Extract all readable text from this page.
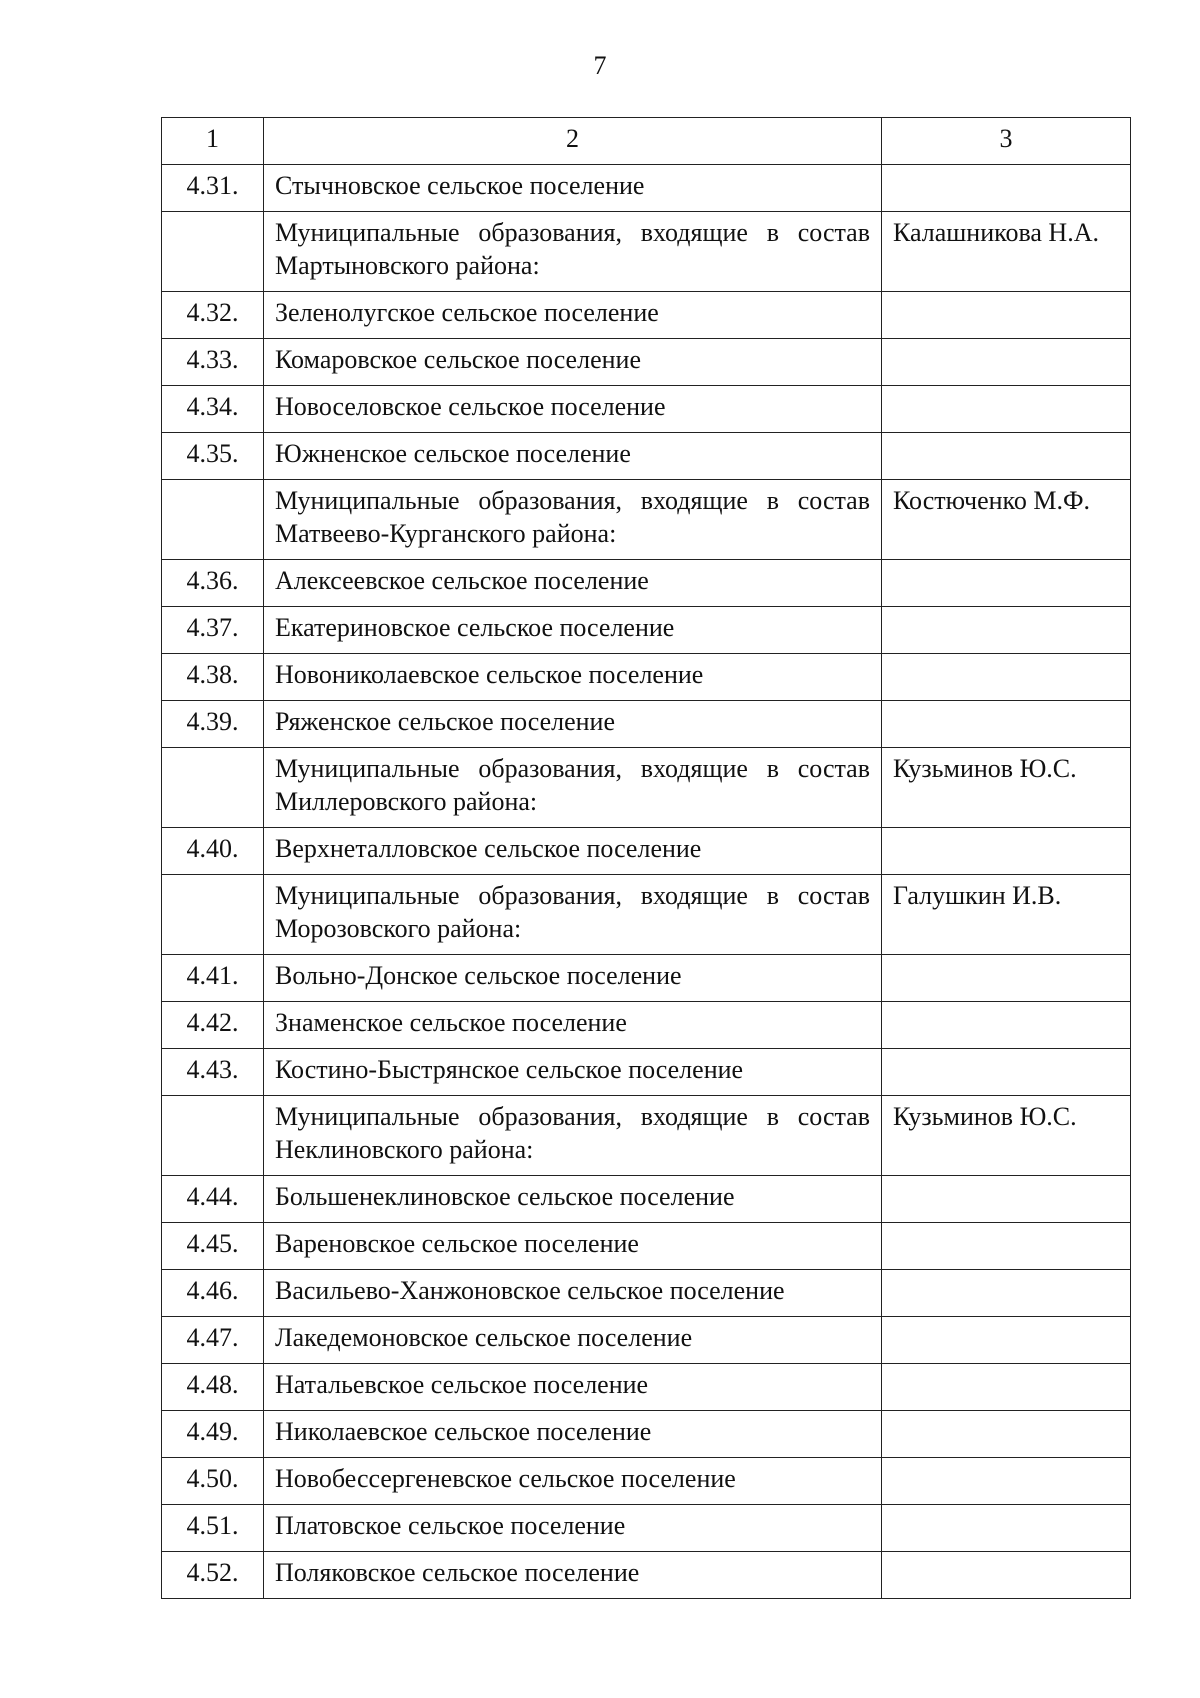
7
1	2	3
4.31.	Стычновское сельское поселение	
	Муниципальные образования, входящие в состав Мартыновского района:	Калашникова Н.А.
4.32.	Зеленолугское сельское поселение	
4.33.	Комаровское сельское поселение	
4.34.	Новоселовское сельское поселение	
4.35.	Южненское сельское поселение	
	Муниципальные образования, входящие в состав Матвеево-Курганского района:	Костюченко М.Ф.
4.36.	Алексеевское сельское поселение	
4.37.	Екатериновское сельское поселение	
4.38.	Новониколаевское сельское поселение	
4.39.	Ряженское сельское поселение	
	Муниципальные образования, входящие в состав Миллеровского района:	Кузьминов Ю.С.
4.40.	Верхнеталловское сельское поселение	
	Муниципальные образования, входящие в состав Морозовского района:	Галушкин И.В.
4.41.	Вольно-Донское сельское поселение	
4.42.	Знаменское сельское поселение	
4.43.	Костино-Быстрянское сельское поселение	
	Муниципальные образования, входящие в состав Неклиновского района:	Кузьминов Ю.С.
4.44.	Большенеклиновское сельское поселение	
4.45.	Вареновское сельское поселение	
4.46.	Васильево-Ханжоновское сельское поселение	
4.47.	Лакедемоновское сельское поселение	
4.48.	Натальевское сельское поселение	
4.49.	Николаевское сельское поселение	
4.50.	Новобессергеневское сельское поселение	
4.51.	Платовское сельское поселение	
4.52.	Поляковское сельское поселение	
